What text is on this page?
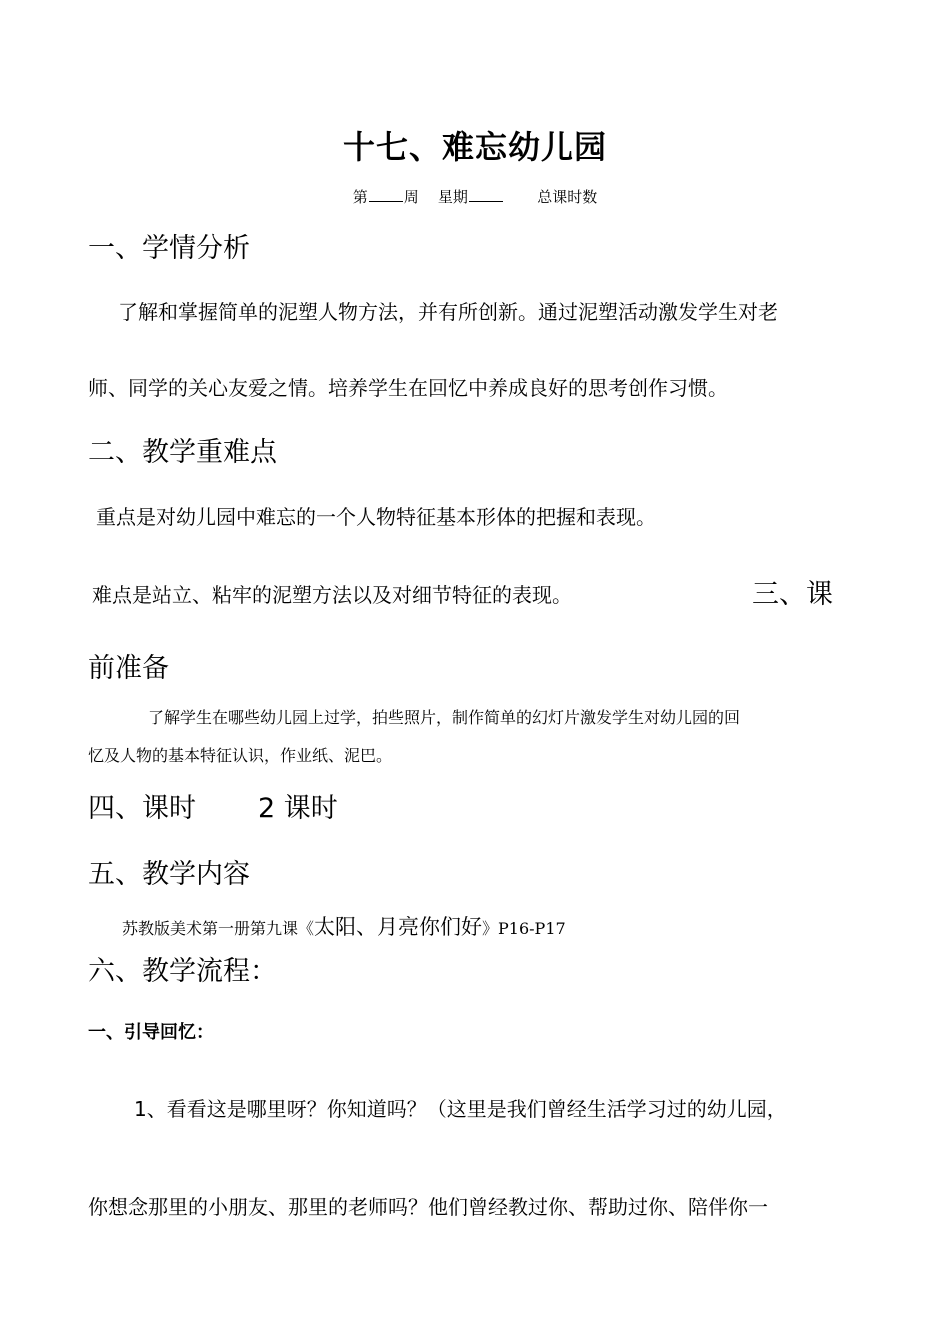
十七、难忘幼儿园
第 周 星期	总课时数
一、学情分析
了解和掌握简单的泥塑人物方法，并有所创新。通过泥塑活动激发学生对老
师、同学的关心友爱之情。培养学生在回忆中养成良好的思考创作习惯。
二、教学重难点
重点是对幼儿园中难忘的一个人物特征基本形体的把握和表现。
难点是站立、粘牢的泥塑方法以及对细节特征的表现。	三、课
前准备
了解学生在哪些幼儿园上过学，拍些照片，制作简单的幻灯片激发学生对幼儿园的回
忆及人物的基本特征认识，作业纸、泥巴。
四、课时 2 课时
五、教学内容
苏教版美术第一册第九课《太阳、月亮你们好》P16-P17
六、教学流程：
一、引导回忆：
1、看看这是哪里呀？你知道吗？（这里是我们曾经生活学习过的幼儿园，
你想念那里的小朋友、那里的老师吗？他们曾经教过你、帮助过你、陪伴你一
